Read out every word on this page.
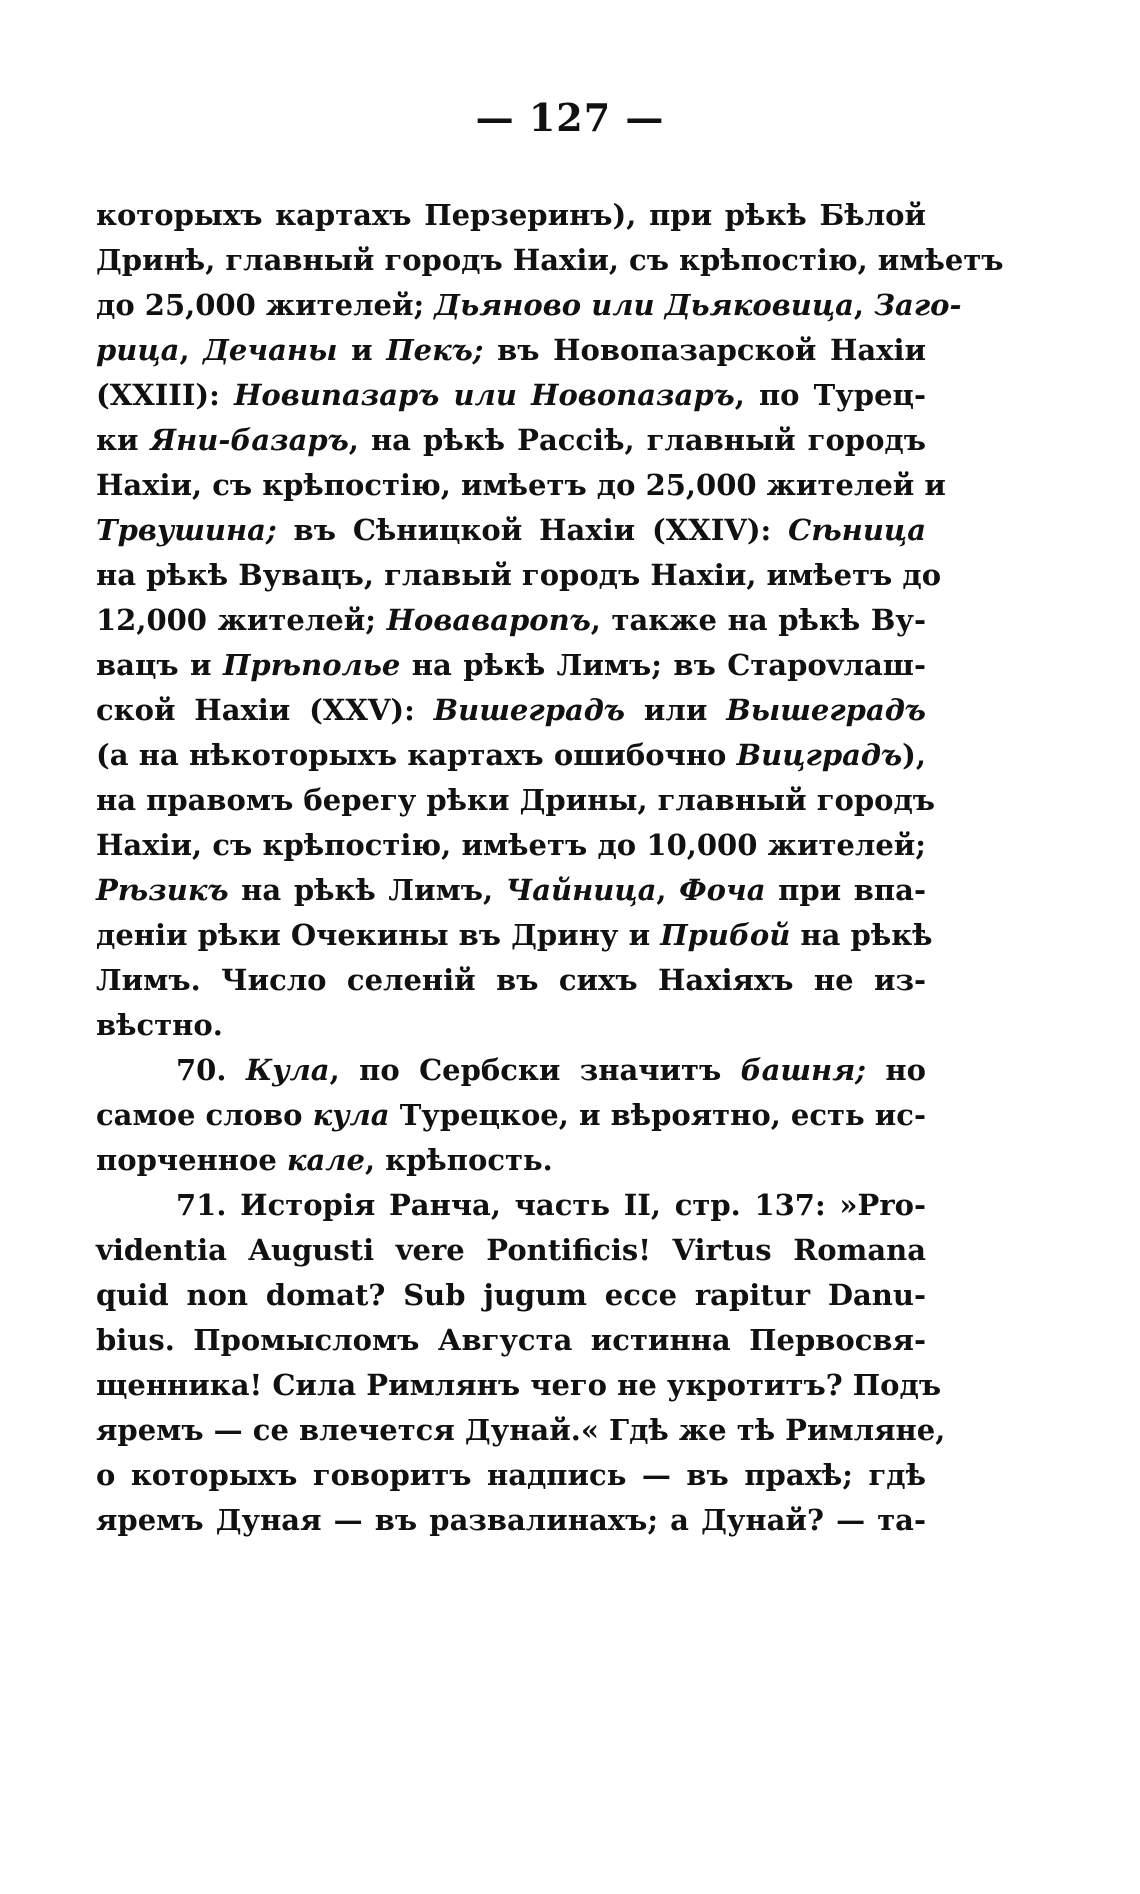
— 127 —
которыхъ картахъ Перзеринъ), при рѣкѣ Бѣлой
Дринѣ, главный городъ Нахiи, съ крѣпостiю, имѣетъ
до 25,000 жителей; Дьяново или Дьяковица, Заго-
рица, Дечаны и Пекъ; въ Новопазарской Нахiи
(XXIII): Новипазаръ или Новопазаръ, по Турец-
ки Яни-базаръ, на рѣкѣ Рассiѣ, главный городъ
Нахiи, съ крѣпостiю, имѣетъ до 25,000 жителей и
Трвушина; въ Сѣницкой Нахiи (XXIV): Сѣница
на рѣкѣ Вувацъ, главый городъ Нахiи, имѣетъ до
12,000 жителей; Новаваропъ, также на рѣкѣ Ву-
вацъ и Прѣполье на рѣкѣ Лимъ; въ Староvлаш-
ской Нахiи (XXV): Вишеградъ или Вышеградъ
(а на нѣкоторыхъ картахъ ошибочно Вицградъ),
на правомъ берегу рѣки Дрины, главный городъ
Нахiи, съ крѣпостiю, имѣетъ до 10,000 жителей;
Рѣзикъ на рѣкѣ Лимъ, Чайница, Фоча при впа-
денiи рѣки Очекины въ Дрину и Прибой на рѣкѣ
Лимъ. Число селенiй въ сихъ Нахiяхъ не из-
вѣстно.
70. Кула, по Сербски значитъ башня; но
самое слово кула Турецкое, и вѣроятно, есть ис-
порченное кале, крѣпость.
71. Исторiя Ранча, часть II, стр. 137: »Pro-
videntia Augusti vere Pontificis! Virtus Romana
quid non domat? Sub jugum ecce rapitur Danu-
bius. Промысломъ Августа истинна Первосвя-
щенника! Сила Римлянъ чего не укротитъ? Подъ
яремъ — се влечется Дунай.« Гдѣ же тѣ Римляне,
о которыхъ говоритъ надпись — въ прахѣ; гдѣ
яремъ Дуная — въ развалинахъ; а Дунай? — та-
